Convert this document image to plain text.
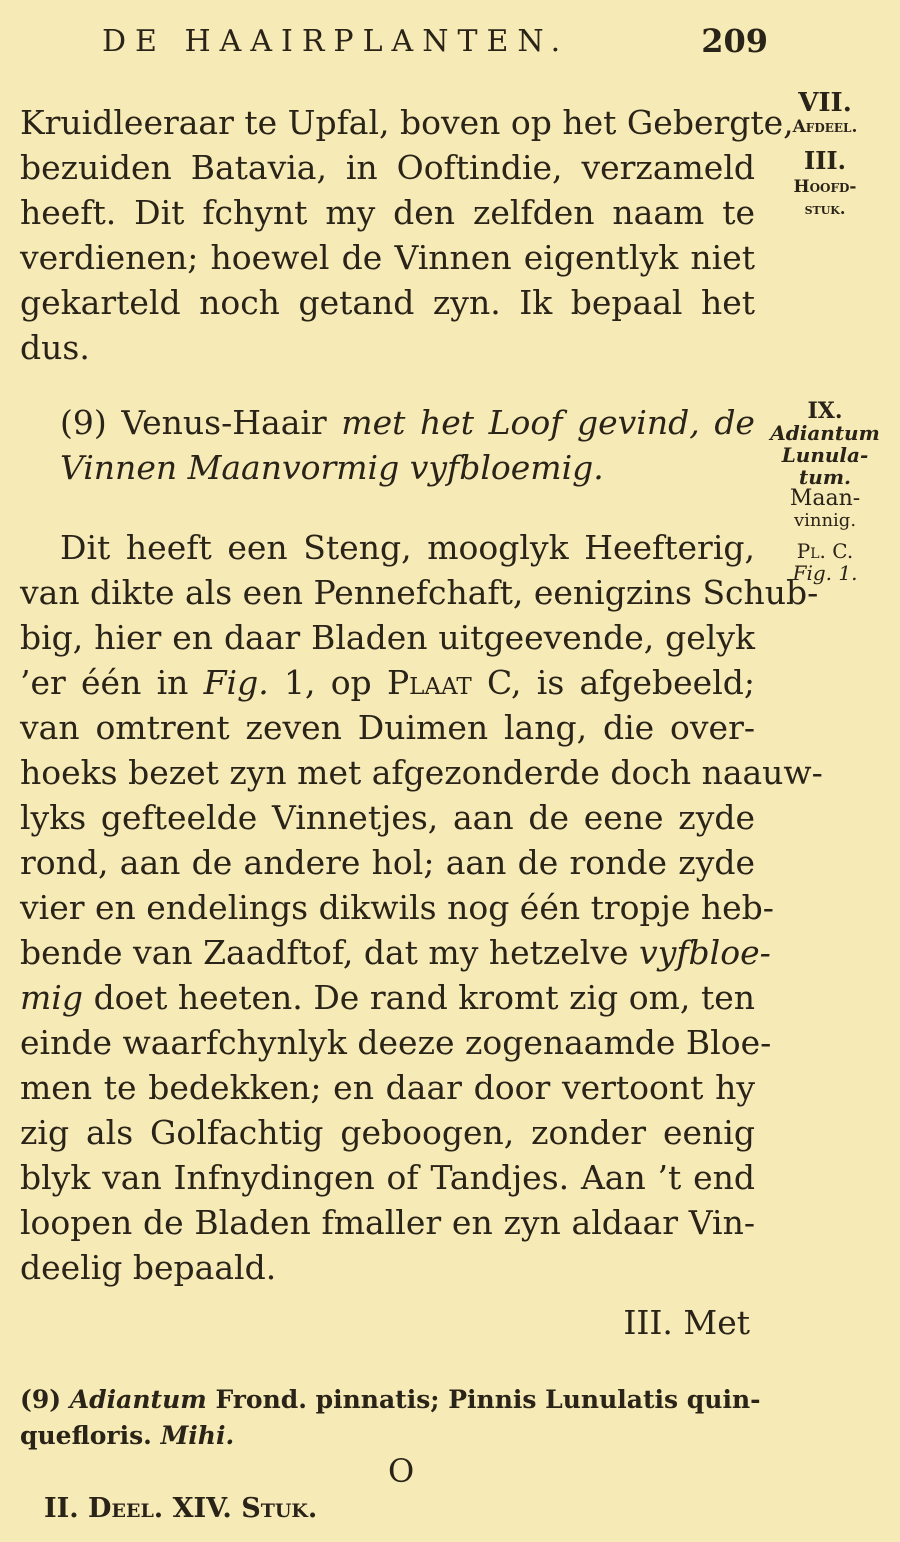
DE HAAIRPLANTEN.	209
Kruidleeraar te Upfal, boven op het Gebergte,
bezuiden Batavia, in Ooftindie, verzameld
heeft. Dit fchynt my den zelfden naam te
verdienen; hoewel de Vinnen eigentlyk niet
gekarteld noch getand zyn. Ik bepaal het
dus.
VII.
Afdeel.
III.
Hoofd-
stuk.
(9) Venus-Haair met het Loof gevind, de
Vinnen Maanvormig vyfbloemig.
IX.
Adiantum
Lunula-
tum.
Maan-
vinnig.
Pl. C.
Fig. 1.
Dit heeft een Steng, mooglyk Heefterig,
van dikte als een Pennefchaft, eenigzins Schub-
big, hier en daar Bladen uitgeevende, gelyk
’er één in Fig. 1, op Plaat C, is afgebeeld;
van omtrent zeven Duimen lang, die over-
hoeks bezet zyn met afgezonderde doch naauw-
lyks gefteelde Vinnetjes, aan de eene zyde
rond, aan de andere hol; aan de ronde zyde
vier en endelings dikwils nog één tropje heb-
bende van Zaadftof, dat my hetzelve vyfbloe-
mig doet heeten. De rand kromt zig om, ten
einde waarfchynlyk deeze zogenaamde Bloe-
men te bedekken; en daar door vertoont hy
zig als Golfachtig geboogen, zonder eenig
blyk van Infnydingen of Tandjes. Aan ’t end
loopen de Bladen fmaller en zyn aldaar Vin-
deelig bepaald.
III. Met
(9) Adiantum Frond. pinnatis; Pinnis Lunulatis quin-
quefloris. Mihi.
O
II. Deel. XIV. Stuk.
